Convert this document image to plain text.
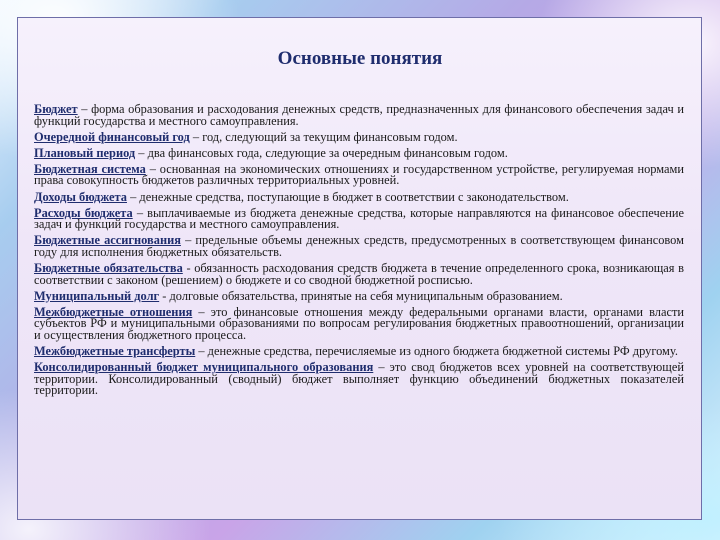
Основные понятия

Бюджет – форма образования и расходования денежных средств, предназначенных для финансового обеспечения задач и функций государства и местного самоуправления.

Очередной финансовый год – год, следующий за текущим финансовым годом.

Плановый период – два финансовых года, следующие за очередным финансовым годом.

Бюджетная система – основанная на экономических отношениях и государственном устройстве, регулируемая нормами права совокупность бюджетов различных территориальных уровней.

Доходы бюджета – денежные средства, поступающие в бюджет в соответствии с законодательством.

Расходы бюджета – выплачиваемые из бюджета денежные средства, которые направляются на финансовое обеспечение задач и функций государства и местного самоуправления.

Бюджетные ассигнования – предельные объемы денежных средств, предусмотренных в соответствующем финансовом году для исполнения бюджетных обязательств.

Бюджетные обязательства - обязанность расходования средств бюджета в течение определенного срока, возникающая в соответствии с законом (решением) о бюджете и со сводной бюджетной росписью.

Муниципальный долг - долговые обязательства, принятые на себя муниципальным образованием.

Межбюджетные отношения – это финансовые отношения между федеральными органами власти, органами власти субъектов РФ и муниципальными образованиями по вопросам регулирования бюджетных правоотношений, организации и осуществления бюджетного процесса.

Межбюджетные трансферты – денежные средства, перечисляемые из одного бюджета бюджетной системы РФ другому.

Консолидированный бюджет муниципального образования – это свод бюджетов всех уровней на соответствующей территории. Консолидированный (сводный) бюджет выполняет функцию объединений бюджетных показателей территории.
